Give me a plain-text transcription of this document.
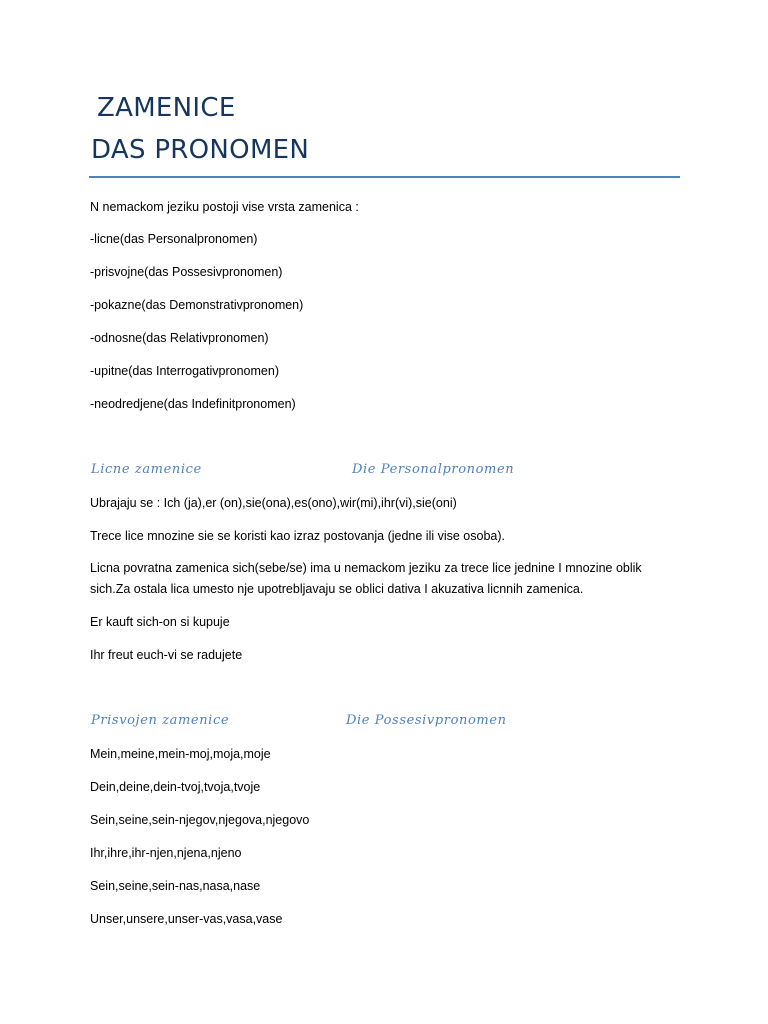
ZAMENICE
DAS PRONOMEN
N nemackom jeziku postoji vise vrsta zamenica :
-licne(das Personalpronomen)
-prisvojne(das Possesivpronomen)
-pokazne(das Demonstrativpronomen)
-odnosne(das Relativpronomen)
-upitne(das Interrogativpronomen)
-neodredjene(das Indefinitpronomen)
Licne zamenice	Die Personalpronomen
Ubrajaju se : Ich (ja),er (on),sie(ona),es(ono),wir(mi),ihr(vi),sie(oni)
Trece lice mnozine sie se koristi kao izraz postovanja (jedne ili vise osoba).
Licna povratna zamenica sich(sebe/se) ima u nemackom jeziku za trece lice jednine I mnozine oblik
sich.Za ostala lica umesto nje upotrebljavaju se oblici dativa I akuzativa licnnih zamenica.
Er kauft sich-on si kupuje
Ihr freut euch-vi se radujete
Prisvojen zamenice	Die Possesivpronomen
Mein,meine,mein-moj,moja,moje
Dein,deine,dein-tvoj,tvoja,tvoje
Sein,seine,sein-njegov,njegova,njegovo
Ihr,ihre,ihr-njen,njena,njeno
Sein,seine,sein-nas,nasa,nase
Unser,unsere,unser-vas,vasa,vase
